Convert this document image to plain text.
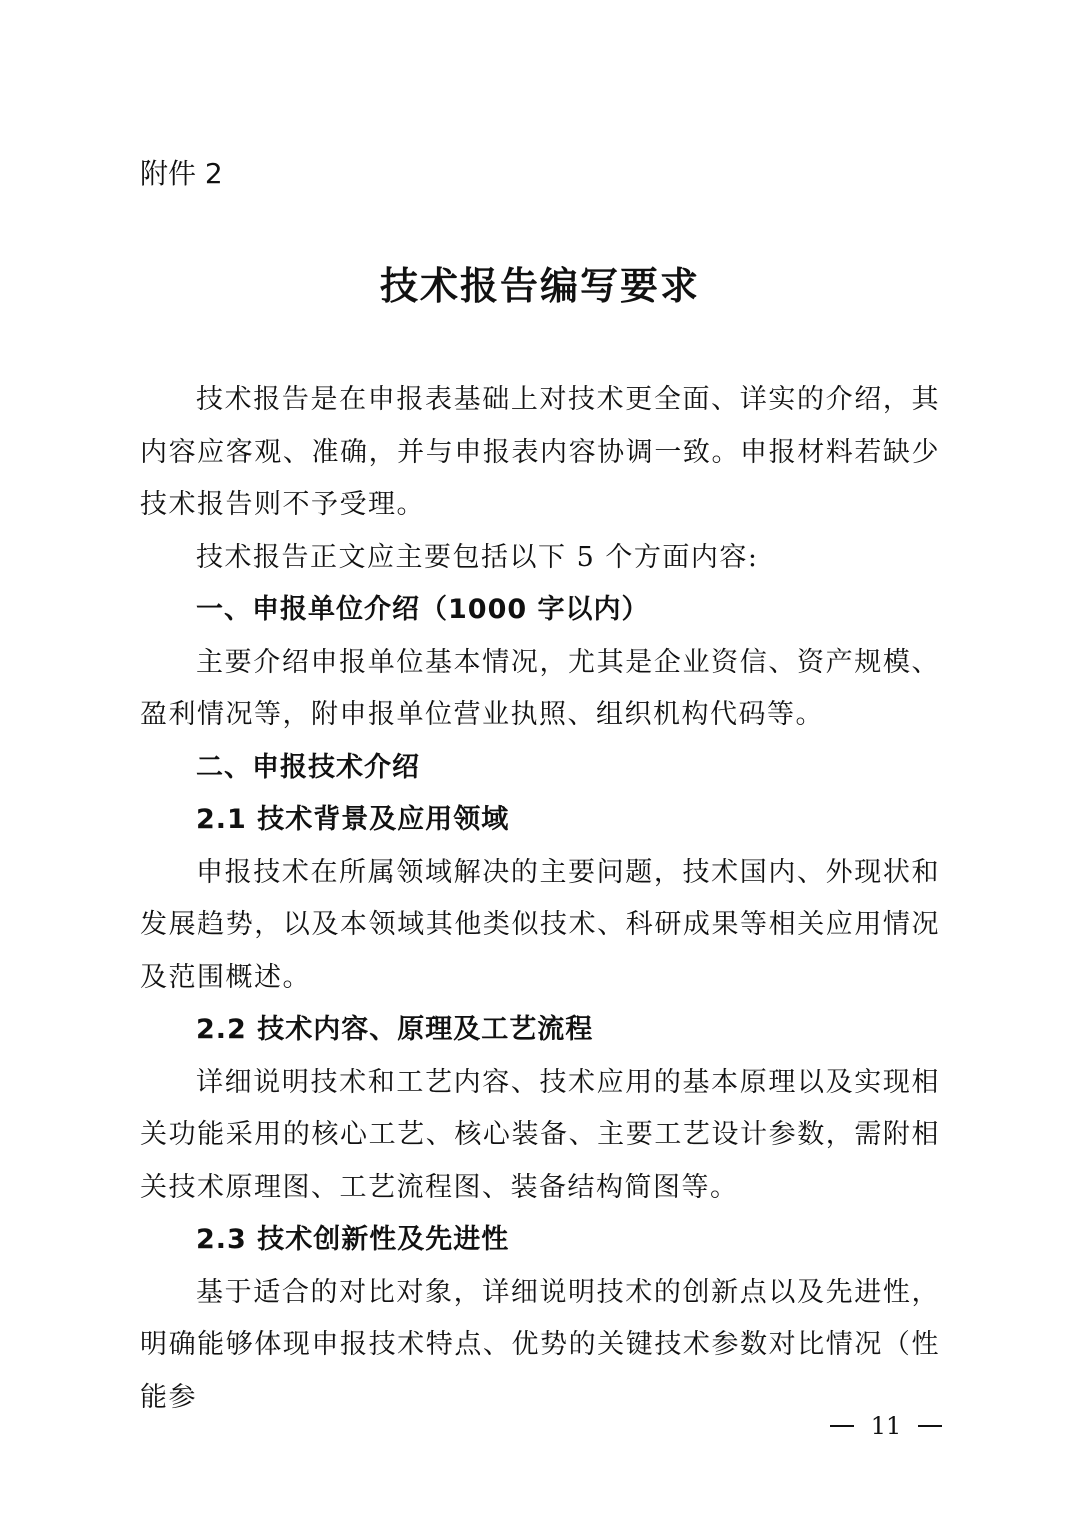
附件 2
技术报告编写要求

技术报告是在申报表基础上对技术更全面、详实的介绍，其内容应客观、准确，并与申报表内容协调一致。申报材料若缺少技术报告则不予受理。

技术报告正文应主要包括以下 5 个方面内容:

一、申报单位介绍（1000 字以内）

主要介绍申报单位基本情况，尤其是企业资信、资产规模、盈利情况等，附申报单位营业执照、组织机构代码等。

二、申报技术介绍

2.1 技术背景及应用领域

申报技术在所属领域解决的主要问题，技术国内、外现状和发展趋势，以及本领域其他类似技术、科研成果等相关应用情况及范围概述。

2.2 技术内容、原理及工艺流程

详细说明技术和工艺内容、技术应用的基本原理以及实现相关功能采用的核心工艺、核心装备、主要工艺设计参数，需附相关技术原理图、工艺流程图、装备结构简图等。

2.3 技术创新性及先进性

基于适合的对比对象，详细说明技术的创新点以及先进性，明确能够体现申报技术特点、优势的关键技术参数对比情况（性能参

11
